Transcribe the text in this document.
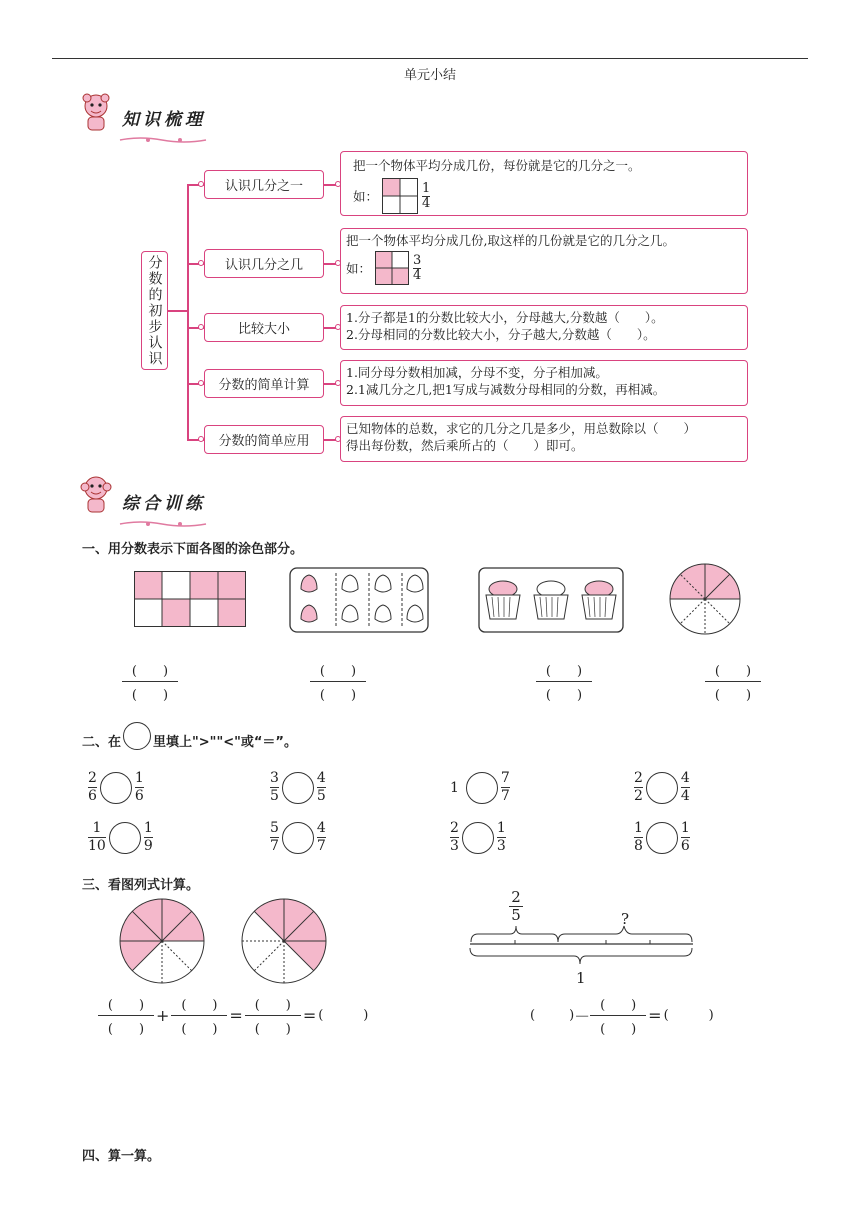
单元小结
知识梳理
分数的初步认识
认识几分之一
认识几分之几
比较大小
分数的简单计算
分数的简单应用
把一个物体平均分成几份，每份就是它的几分之一。
如：	$\frac{1}{4}$
把一个物体平均分成几份,取这样的几份就是它的几分之几。
如：	$\frac{3}{4}$
1.分子都是1的分数比较大小，分母越大,分数越（　　）。
2.分母相同的分数比较大小，分子越大,分数越（　　）。
1.同分母分数相加减，分母不变，分子相加减。
2.1减几分之几,把1写成与减数分母相同的分数，再相减。
已知物体的总数，求它的几分之几是多少，用总数除以（　　）
得出每份数，然后乘所占的（　　）即可。
综合训练
一、用分数表示下面各图的涂色部分。
(　　)
(　　)
(　　)
(　　)
(　　)
(　　)
(　　)
(　　)
二、在 里填上">""<"或“＝”。
$\frac{2}{6}$	$\frac{1}{6}$	$\frac{3}{5}$	$\frac{4}{5}$	1	$\frac{7}{7}$	$\frac{2}{2}$	$\frac{4}{4}$
$\frac{1}{10}$	$\frac{1}{9}$	$\frac{5}{7}$	$\frac{4}{7}$	$\frac{2}{3}$	$\frac{1}{3}$	$\frac{1}{8}$	$\frac{1}{6}$
三、看图列式计算。
2
5	?
1
(　　)
(　　)
+
(　　)
(　　)
=
(　　)
(　　)
= (	)	(	) －
(　　)
(　　)
= (	)
四、算一算。
